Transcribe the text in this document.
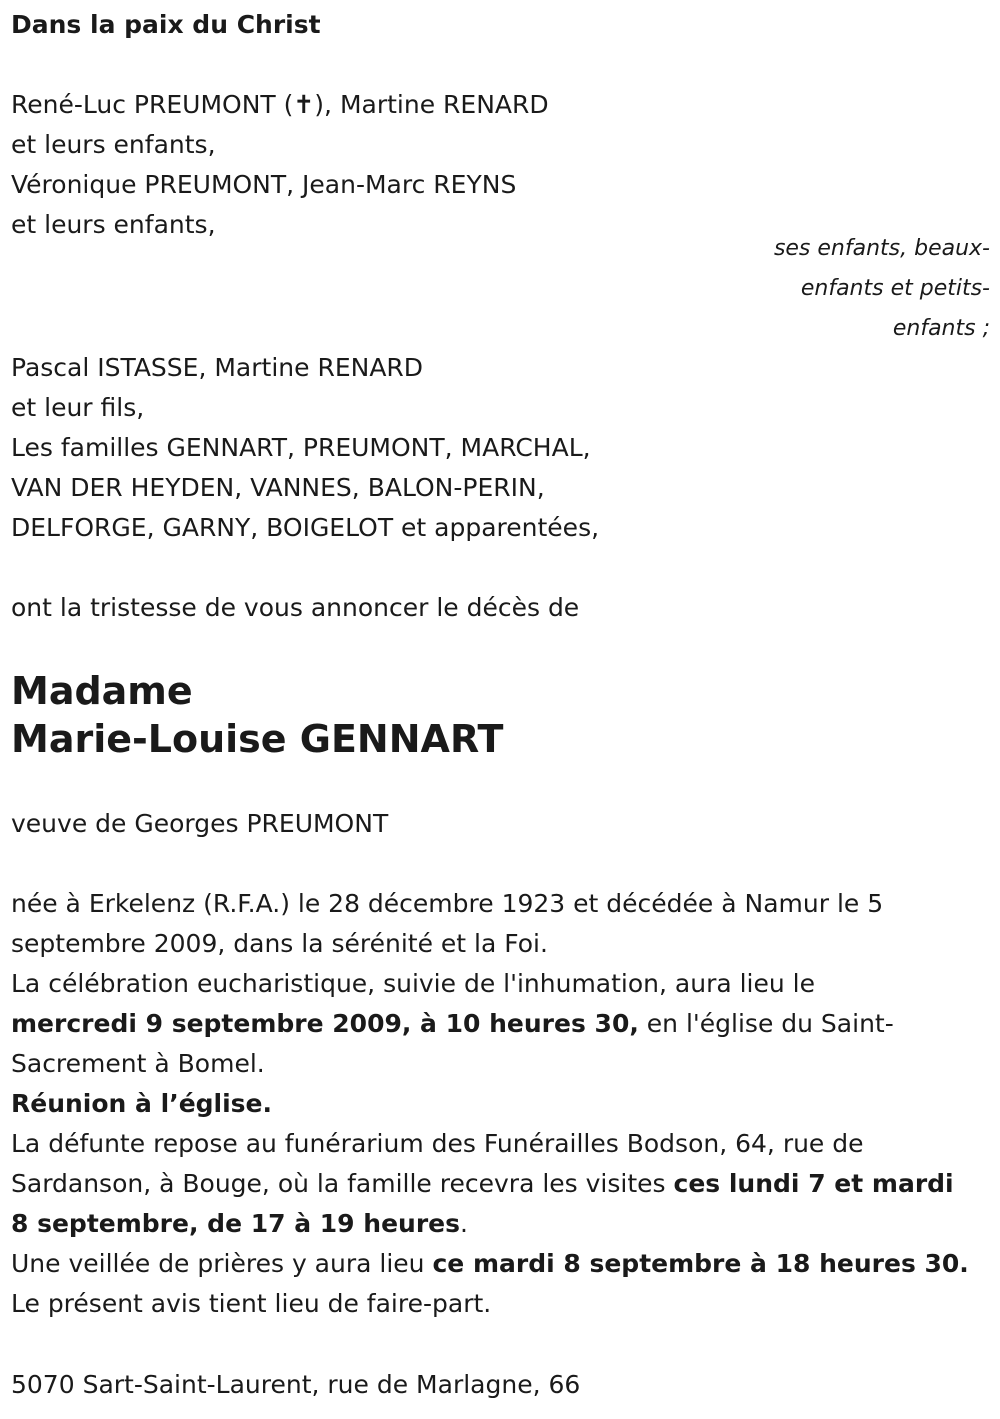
Dans la paix du Christ
René-Luc PREUMONT (✝), Martine RENARD
et leurs enfants,
Véronique PREUMONT, Jean-Marc REYNS
et leurs enfants,
ses enfants, beaux-
enfants et petits-
enfants ;
Pascal ISTASSE, Martine RENARD
et leur fils,
Les familles GENNART, PREUMONT, MARCHAL,
VAN DER HEYDEN, VANNES, BALON-PERIN,
DELFORGE, GARNY, BOIGELOT et apparentées,
ont la tristesse de vous annoncer le décès de
Madame
Marie-Louise GENNART
veuve de Georges PREUMONT
née à Erkelenz (R.F.A.) le 28 décembre 1923 et décédée à Namur le 5
septembre 2009, dans la sérénité et la Foi.
La célébration eucharistique, suivie de l'inhumation, aura lieu le
mercredi 9 septembre 2009, à 10 heures 30, en l'église du Saint-
Sacrement à Bomel.
Réunion à l’église.
La défunte repose au funérarium des Funérailles Bodson, 64, rue de
Sardanson, à Bouge, où la famille recevra les visites ces lundi 7 et mardi
8 septembre, de 17 à 19 heures.
Une veillée de prières y aura lieu ce mardi 8 septembre à 18 heures 30.
Le présent avis tient lieu de faire-part.
5070 Sart-Saint-Laurent, rue de Marlagne, 66
